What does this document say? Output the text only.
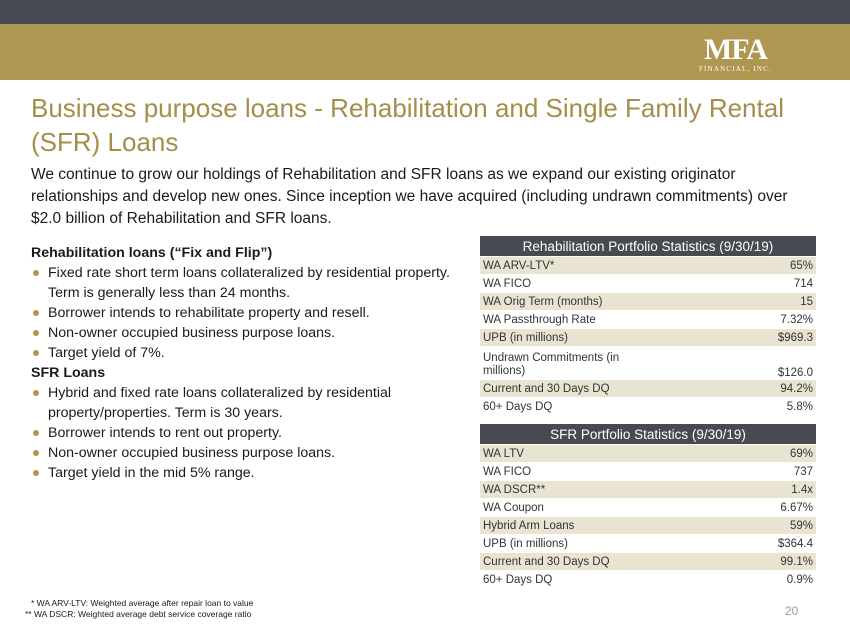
MFA
FINANCIAL, INC.
Business purpose loans - Rehabilitation and Single Family Rental (SFR) Loans
We continue to grow our holdings of Rehabilitation and SFR loans as we expand our existing originator relationships and develop new ones. Since inception we have acquired (including undrawn commitments) over $2.0 billion of Rehabilitation and SFR loans.
Rehabilitation loans (“Fix and Flip”)
Fixed rate short term loans collateralized by residential property. Term is generally less than 24 months.
Borrower intends to rehabilitate property and resell.
Non-owner occupied business purpose loans.
Target yield of 7%.
SFR Loans
Hybrid and fixed rate loans collateralized by residential property/properties. Term is 30 years.
Borrower intends to rent out property.
Non-owner occupied business purpose loans.
Target yield in the mid 5% range.
Rehabilitation Portfolio Statistics (9/30/19)	
WA ARV-LTV*	65%
WA FICO	714
WA Orig Term (months)	15
WA Passthrough Rate	7.32%
UPB (in millions)	$969.3
Undrawn Commitments (in millions)	$126.0
Current and 30 Days DQ	94.2%
60+ Days DQ	5.8%
SFR Portfolio Statistics (9/30/19)	
WA LTV	69%
WA FICO	737
WA DSCR**	1.4x
WA Coupon	6.67%
Hybrid Arm Loans	59%
UPB (in millions)	$364.4
Current and 30 Days DQ	99.1%
60+ Days DQ	0.9%
* WA ARV-LTV: Weighted average after repair loan to value
** WA DSCR: Weighted average debt service coverage ratio	20
